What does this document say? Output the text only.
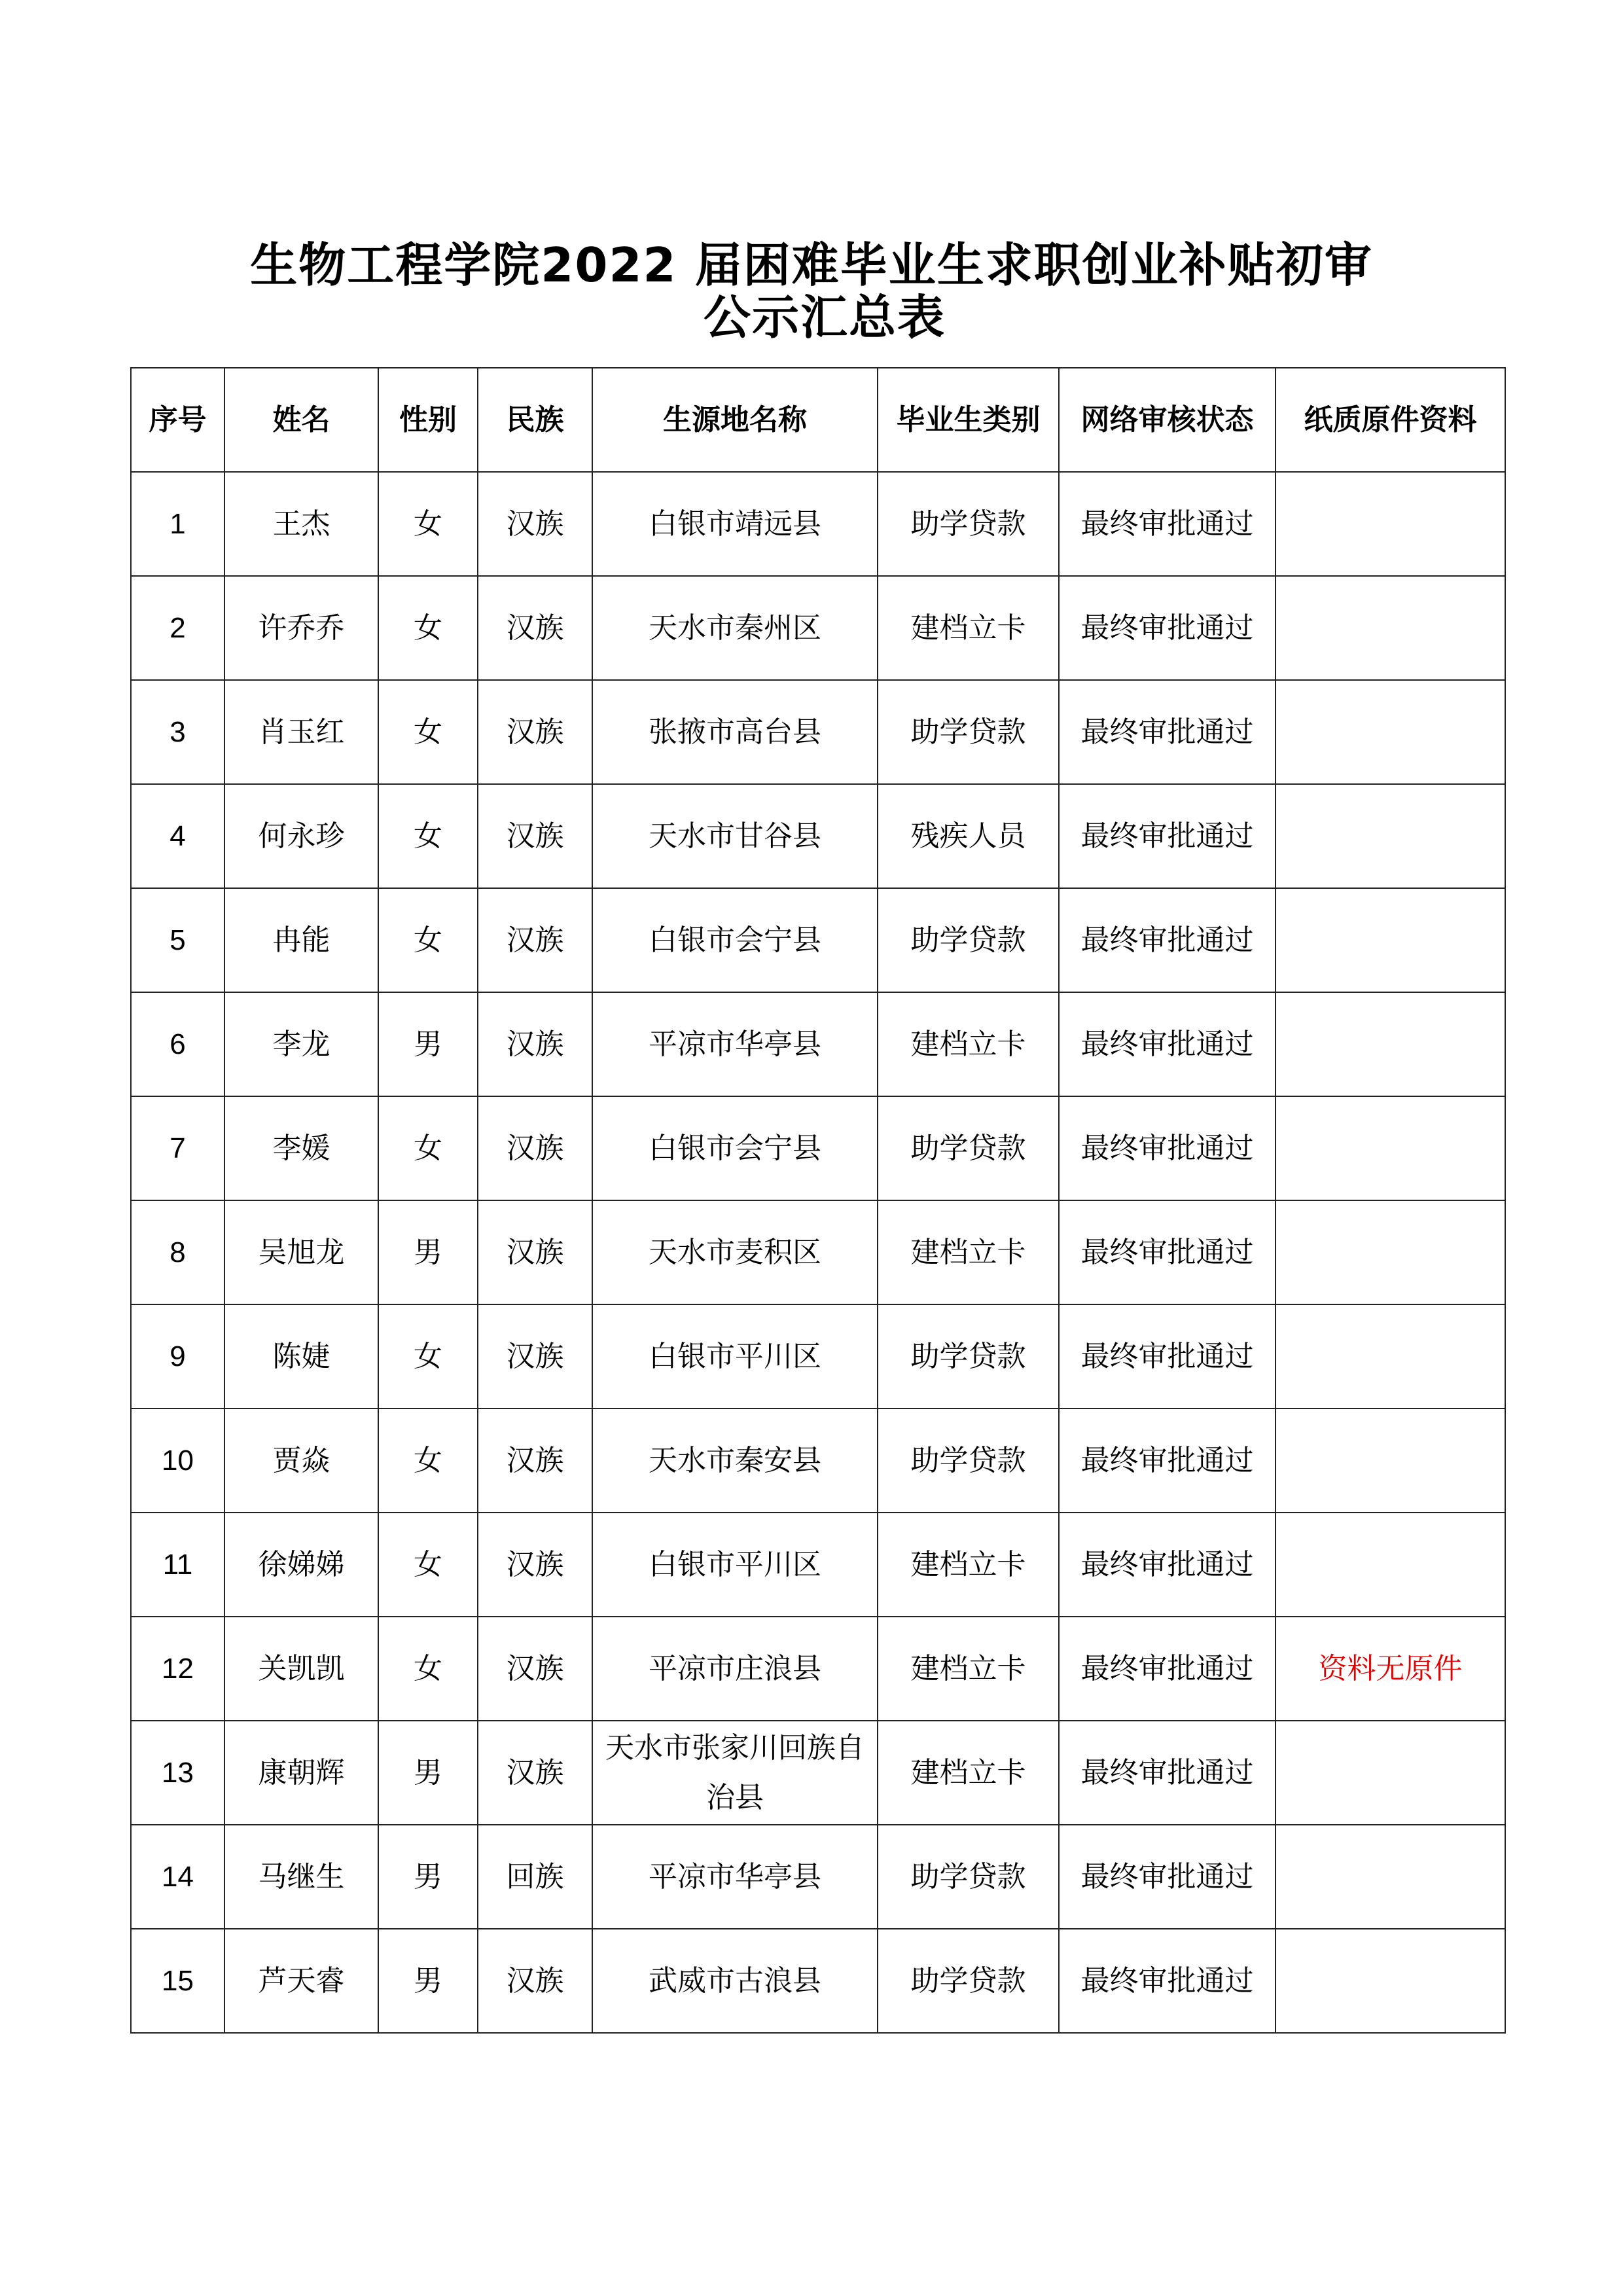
生物工程学院2022 届困难毕业生求职创业补贴初审
公示汇总表
序号	姓名	性别	民族	生源地名称	毕业生类别	网络审核状态	纸质原件资料
1	王杰	女	汉族	白银市靖远县	助学贷款	最终审批通过	
2	许乔乔	女	汉族	天水市秦州区	建档立卡	最终审批通过	
3	肖玉红	女	汉族	张掖市高台县	助学贷款	最终审批通过	
4	何永珍	女	汉族	天水市甘谷县	残疾人员	最终审批通过	
5	冉能	女	汉族	白银市会宁县	助学贷款	最终审批通过	
6	李龙	男	汉族	平凉市华亭县	建档立卡	最终审批通过	
7	李媛	女	汉族	白银市会宁县	助学贷款	最终审批通过	
8	吴旭龙	男	汉族	天水市麦积区	建档立卡	最终审批通过	
9	陈婕	女	汉族	白银市平川区	助学贷款	最终审批通过	
10	贾焱	女	汉族	天水市秦安县	助学贷款	最终审批通过	
11	徐娣娣	女	汉族	白银市平川区	建档立卡	最终审批通过	
12	关凯凯	女	汉族	平凉市庄浪县	建档立卡	最终审批通过	资料无原件
13	康朝辉	男	汉族	天水市张家川回族自治县	建档立卡	最终审批通过	
14	马继生	男	回族	平凉市华亭县	助学贷款	最终审批通过	
15	芦天睿	男	汉族	武威市古浪县	助学贷款	最终审批通过	
